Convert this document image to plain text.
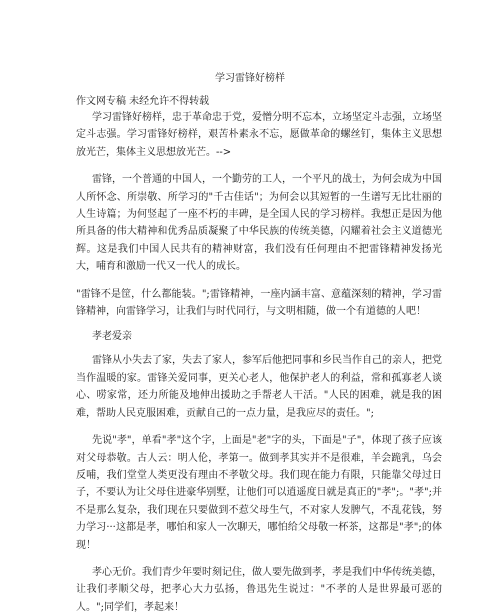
学习雷锋好榜样
作文网专稿 未经允许不得转载

学习雷锋好榜样，忠于革命忠于党，爱憎分明不忘本，立场坚定斗志强，立场坚定斗志强。学习雷锋好榜样，艰苦朴素永不忘，愿做革命的螺丝钉，集体主义思想放光芒，集体主义思想放光芒。-->

雷锋，一个普通的中国人，一个勤劳的工人，一个平凡的战士，为何会成为中国人所怀念、所崇敬、所学习的"千古佳话"；为何会以其短暂的一生谱写无比壮丽的人生诗篇；为何竖起了一座不朽的丰碑，是全国人民的学习榜样。我想正是因为他所具备的伟大精神和优秀品质凝聚了中华民族的传统美德，闪耀着社会主义道德光辉。这是我们中国人民共有的精神财富，我们没有任何理由不把雷锋精神发扬光大，哺育和激励一代又一代人的成长。

"雷锋不是筐，什么都能装。";雷锋精神，一座内涵丰富、意蕴深刻的精神，学习雷锋精神，向雷锋学习，让我们与时代同行，与文明相随，做一个有道德的人吧！

孝老爱亲

雷锋从小失去了家，失去了家人，参军后他把同事和乡民当作自己的亲人，把党当作温暖的家。雷锋关爱同事，更关心老人，他保护老人的利益，常和孤寡老人谈心、唠家常，还力所能及地伸出援助之手帮老人干活。"人民的困难，就是我的困难，帮助人民克服困难，贡献自己的一点力量，是我应尽的责任。";

先说"孝"，单看"孝"这个字，上面是"老"字的头，下面是"子"，体现了孩子应该对父母恭敬。古人云：明人伦，孝第一。做到孝其实并不是很难，羊会跪乳，乌会反哺，我们堂堂人类更没有理由不孝敬父母。我们现在能力有限，只能靠父母过日子，不要认为让父母住进豪华别墅，让他们可以逍遥度日就是真正的"孝";。"孝";并不是那么复杂，我们现在只要做到不惹父母生气，不对家人发脾气，不乱花钱，努力学习···这都是孝，哪怕和家人一次聊天，哪怕给父母敬一杯茶，这都是"孝";的体现！

孝心无价。我们青少年要时刻记住，做人要先做到孝，孝是我们中华传统美德，让我们孝顺父母，把孝心大力弘扬，鲁迅先生说过："不孝的人是世界最可恶的人。";同学们，孝起来！
